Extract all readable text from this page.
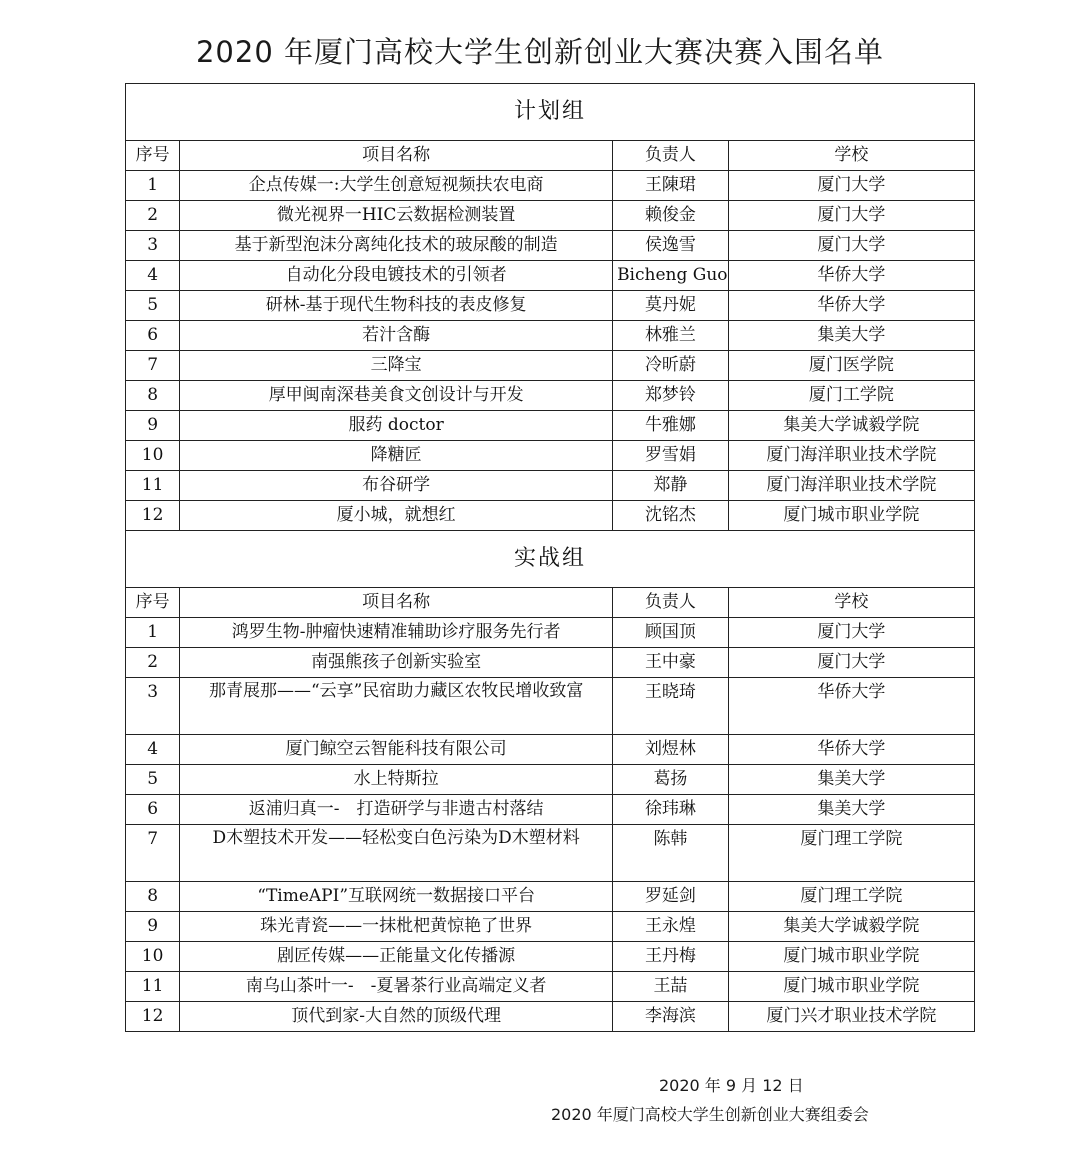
2020 年厦门高校大学生创新创业大赛决赛入围名单
计划组			
序号	项目名称	负责人	学校
1	企点传媒一:大学生创意短视频扶农电商	王陳珺	厦门大学
2	微光视界一HIC云数据检测装置	赖俊金	厦门大学
3	基于新型泡沫分离纯化技术的玻尿酸的制造	侯逸雪	厦门大学
4	自动化分段电镀技术的引领者	Bicheng Guo	华侨大学
5	研林-基于现代生物科技的表皮修复	莫丹妮	华侨大学
6	若汁含酶	林雅兰	集美大学
7	三降宝	冷昕蔚	厦门医学院
8	厚甲闽南深巷美食文创设计与开发	郑梦铃	厦门工学院
9	服药 doctor	牛雅娜	集美大学诚毅学院
10	降糖匠	罗雪娟	厦门海洋职业技术学院
11	布谷研学	郑静	厦门海洋职业技术学院
12	厦小城，就想红	沈铭杰	厦门城市职业学院
实战组			
序号	项目名称	负责人	学校
1	鸿罗生物-肿瘤快速精准辅助诊疗服务先行者	顾国顶	厦门大学
2	南强熊孩子创新实验室	王中豪	厦门大学
3	那青展那——“云享”民宿助力藏区农牧民增收致富	王晓琦	华侨大学
4	厦门鲸空云智能科技有限公司	刘煜林	华侨大学
5	水上特斯拉	葛扬	集美大学
6	返浦归真一-　打造研学与非遗古村落结	徐玮琳	集美大学
7	D木塑技术开发——轻松变白色污染为D木塑材料	陈韩	厦门理工学院
8	“TimeAPI”互联网统一数据接口平台	罗延剑	厦门理工学院
9	珠光青瓷——一抹枇杷黄惊艳了世界	王永煌	集美大学诚毅学院
10	剧匠传媒——正能量文化传播源	王丹梅	厦门城市职业学院
11	南乌山茶叶一-　-夏暑茶行业高端定义者	王喆	厦门城市职业学院
12	顶代到家-大自然的顶级代理	李海滨	厦门兴才职业技术学院
2020 年 9 月 12 日
2020 年厦门高校大学生创新创业大赛组委会
